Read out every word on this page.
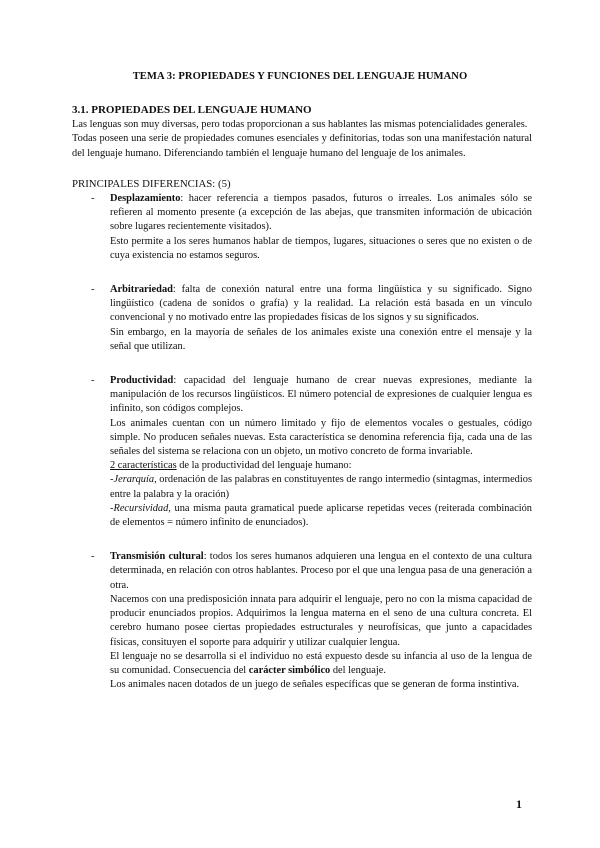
TEMA 3: PROPIEDADES Y FUNCIONES DEL LENGUAJE HUMANO
3.1. PROPIEDADES DEL LENGUAJE HUMANO

Las lenguas son muy diversas, pero todas proporcionan a sus hablantes las mismas potencialidades generales.

Todas poseen una serie de propiedades comunes esenciales y definitorias, todas son una manifestación natural del lenguaje humano. Diferenciando también el lenguaje humano del lenguaje de los animales.

PRINCIPALES DIFERENCIAS: (5)

- Desplazamiento: hacer referencia a tiempos pasados, futuros o irreales. Los animales sólo se refieren al momento presente (a excepción de las abejas, que transmiten información de ubicación sobre lugares recientemente visitados).

Esto permite a los seres humanos hablar de tiempos, lugares, situaciones o seres que no existen o de cuya existencia no estamos seguros.

- Arbitrariedad: falta de conexión natural entre una forma lingüística y su significado. Signo lingüístico (cadena de sonidos o grafía) y la realidad. La relación está basada en un vínculo convencional y no motivado entre las propiedades físicas de los signos y su significados.

Sin embargo, en la mayoría de señales de los animales existe una conexión entre el mensaje y la señal que utilizan.

- Productividad: capacidad del lenguaje humano de crear nuevas expresiones, mediante la manipulación de los recursos lingüísticos. El número potencial de expresiones de cualquier lengua es infinito, son códigos complejos.

Los animales cuentan con un número limitado y fijo de elementos vocales o gestuales, código simple. No producen señales nuevas. Esta característica se denomina referencia fija, cada una de las señales del sistema se relaciona con un objeto, un motivo concreto de forma invariable.

2 características de la productividad del lenguaje humano:

-Jerarquía, ordenación de las palabras en constituyentes de rango intermedio (sintagmas, intermedios entre la palabra y la oración)

-Recursividad, una misma pauta gramatical puede aplicarse repetidas veces (reiterada combinación de elementos = número infinito de enunciados).

- Transmisión cultural: todos los seres humanos adquieren una lengua en el contexto de una cultura determinada, en relación con otros hablantes. Proceso por el que una lengua pasa de una generación a otra.

Nacemos con una predisposición innata para adquirir el lenguaje, pero no con la misma capacidad de producir enunciados propios. Adquirimos la lengua materna en el seno de una cultura concreta. El cerebro humano posee ciertas propiedades estructurales y neurofísicas, que junto a capacidades físicas, consituyen el soporte para adquirir y utilizar cualquier lengua.

El lenguaje no se desarrolla si el individuo no está expuesto desde su infancia al uso de la lengua de su comunidad. Consecuencia del carácter simbólico del lenguaje.

Los animales nacen dotados de un juego de señales específicas que se generan de forma instintiva.

1
